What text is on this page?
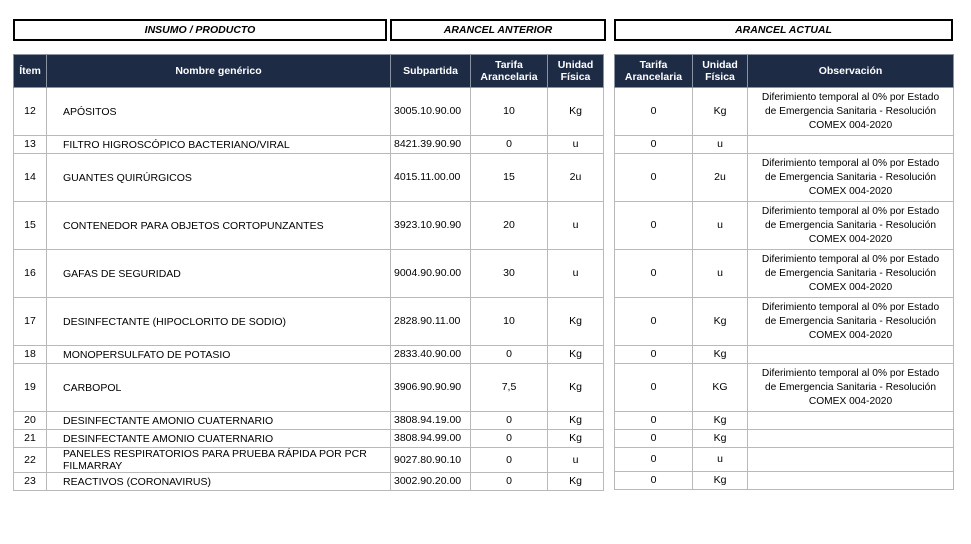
INSUMO / PRODUCTO	ARANCEL ANTERIOR	ARANCEL ACTUAL
Ítem	Nombre genérico	Subpartida	Tarifa Arancelaria	Unidad Física
12	APÓSITOS	3005.10.90.00	10	Kg
13	FILTRO HIGROSCÓPICO BACTERIANO/VIRAL	8421.39.90.90	0	u
14	GUANTES QUIRÚRGICOS	4015.11.00.00	15	2u
15	CONTENEDOR PARA OBJETOS CORTOPUNZANTES	3923.10.90.90	20	u
16	GAFAS DE SEGURIDAD	9004.90.90.00	30	u
17	DESINFECTANTE (HIPOCLORITO DE SODIO)	2828.90.11.00	10	Kg
18	MONOPERSULFATO DE POTASIO	2833.40.90.00	0	Kg
19	CARBOPOL	3906.90.90.90	7,5	Kg
20	DESINFECTANTE AMONIO CUATERNARIO	3808.94.19.00	0	Kg
21	DESINFECTANTE AMONIO CUATERNARIO	3808.94.99.00	0	Kg
22	PANELES RESPIRATORIOS PARA PRUEBA RÁPIDA POR PCR FILMARRAY	9027.80.90.10	0	u
23	REACTIVOS (CORONAVIRUS)	3002.90.20.00	0	Kg
Tarifa Arancelaria	Unidad Física	Observación
0	Kg	Diferimiento temporal al 0% por Estado
de Emergencia Sanitaria - Resolución
COMEX 004-2020

0	u	
0	2u	Diferimiento temporal al 0% por Estado
de Emergencia Sanitaria - Resolución
COMEX 004-2020

0	u	Diferimiento temporal al 0% por Estado
de Emergencia Sanitaria - Resolución
COMEX 004-2020

0	u	Diferimiento temporal al 0% por Estado
de Emergencia Sanitaria - Resolución
COMEX 004-2020

0	Kg	Diferimiento temporal al 0% por Estado
de Emergencia Sanitaria - Resolución
COMEX 004-2020

0	Kg	
0	KG	Diferimiento temporal al 0% por Estado
de Emergencia Sanitaria - Resolución
COMEX 004-2020

0	Kg	
0	Kg	
0	u	
0	Kg	
